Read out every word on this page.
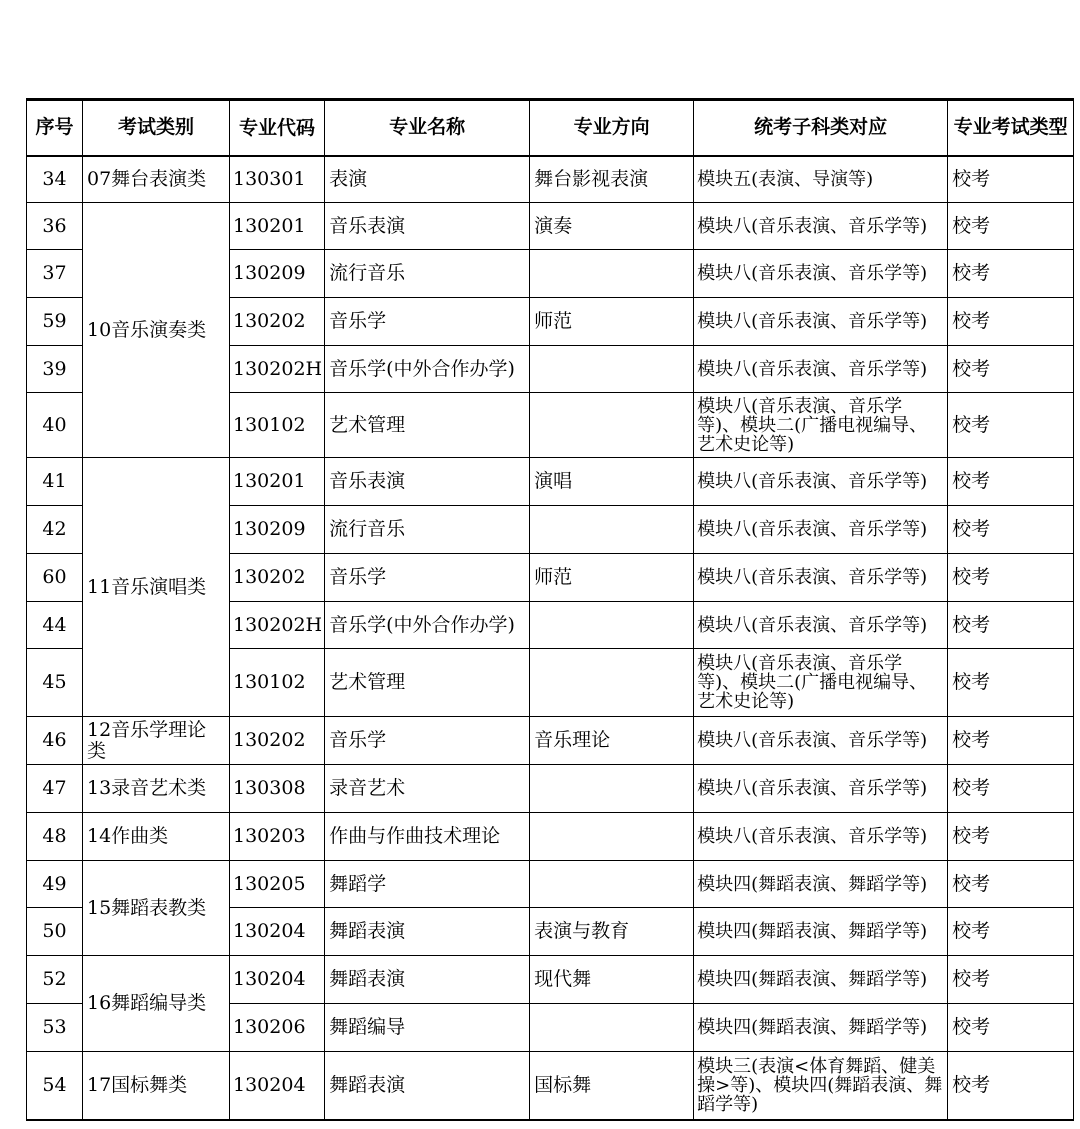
序号	考试类别	专业代码	专业名称	专业方向	统考子科类对应	专业考试类型
34	07舞台表演类	130301	表演	舞台影视表演	模块五(表演、导演等)	校考
36	10音乐演奏类	130201	音乐表演	演奏	模块八(音乐表演、音乐学等)	校考
37		130209	流行音乐		模块八(音乐表演、音乐学等)	校考
59		130202	音乐学	师范	模块八(音乐表演、音乐学等)	校考
39		130202H	音乐学(中外合作办学)		模块八(音乐表演、音乐学等)	校考
40		130102	艺术管理		模块八(音乐表演、音乐学等)、模块二(广播电视编导、艺术史论等)	校考
41	11音乐演唱类	130201	音乐表演	演唱	模块八(音乐表演、音乐学等)	校考
42		130209	流行音乐		模块八(音乐表演、音乐学等)	校考
60		130202	音乐学	师范	模块八(音乐表演、音乐学等)	校考
44		130202H	音乐学(中外合作办学)		模块八(音乐表演、音乐学等)	校考
45		130102	艺术管理		模块八(音乐表演、音乐学等)、模块二(广播电视编导、艺术史论等)	校考
46	12音乐学理论类	130202	音乐学	音乐理论	模块八(音乐表演、音乐学等)	校考
47	13录音艺术类	130308	录音艺术		模块八(音乐表演、音乐学等)	校考
48	14作曲类	130203	作曲与作曲技术理论		模块八(音乐表演、音乐学等)	校考
49	15舞蹈表教类	130205	舞蹈学		模块四(舞蹈表演、舞蹈学等)	校考
50		130204	舞蹈表演	表演与教育	模块四(舞蹈表演、舞蹈学等)	校考
52	16舞蹈编导类	130204	舞蹈表演	现代舞	模块四(舞蹈表演、舞蹈学等)	校考
53		130206	舞蹈编导		模块四(舞蹈表演、舞蹈学等)	校考
54	17国标舞类	130204	舞蹈表演	国标舞	模块三(表演<体育舞蹈、健美操>等)、模块四(舞蹈表演、舞蹈学等)	校考
